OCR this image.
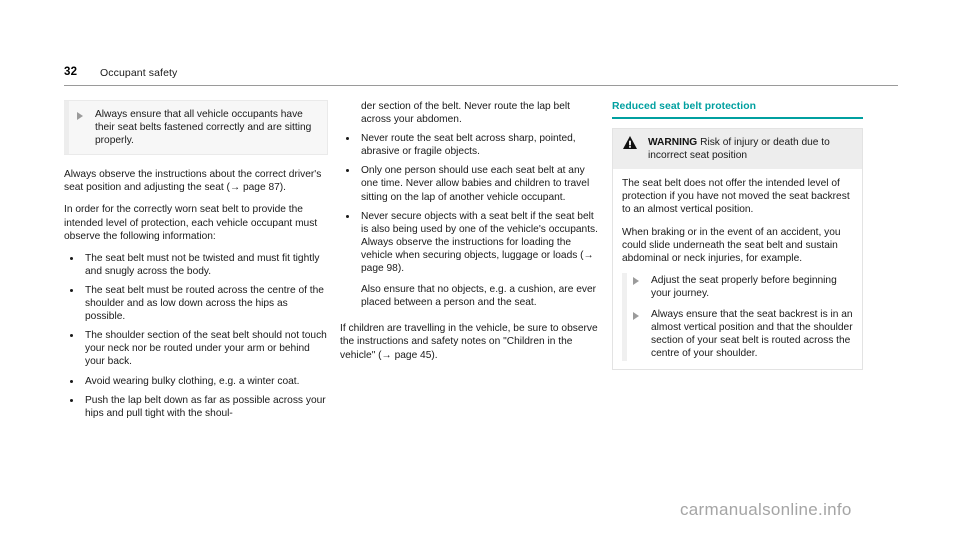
32 Occupant safety
Always ensure that all vehicle occupants have their seat belts fastened correctly and are sitting properly.

Always observe the instructions about the correct driver's seat position and adjusting the seat (→ page 87).

In order for the correctly worn seat belt to provide the intended level of protection, each vehicle occupant must observe the following information:

The seat belt must not be twisted and must fit tightly and snugly across the body.
The seat belt must be routed across the centre of the shoulder and as low down across the hips as possible.
The shoulder section of the seat belt should not touch your neck nor be routed under your arm or behind your back.
Avoid wearing bulky clothing, e.g. a winter coat.
Push the lap belt down as far as possible across your hips and pull tight with the shoul-
der section of the belt. Never route the lap belt across your abdomen.
Never route the seat belt across sharp, pointed, abrasive or fragile objects.
Only one person should use each seat belt at any one time. Never allow babies and children to travel sitting on the lap of another vehicle occupant.
Never secure objects with a seat belt if the seat belt is also being used by one of the vehicle's occupants. Always observe the instructions for loading the vehicle when securing objects, luggage or loads (→ page 98).
Also ensure that no objects, e.g. a cushion, are ever placed between a person and the seat.

If children are travelling in the vehicle, be sure to observe the instructions and safety notes on "Children in the vehicle" (→ page 45).

Reduced seat belt protection
WARNING Risk of injury or death due to incorrect seat position

The seat belt does not offer the intended level of protection if you have not moved the seat backrest to an almost vertical position.

When braking or in the event of an accident, you could slide underneath the seat belt and sustain abdominal or neck injuries, for example.

Adjust the seat properly before beginning your journey.
Always ensure that the seat backrest is in an almost vertical position and that the shoulder section of your seat belt is routed across the centre of your shoulder.
carmanualsonline.info
